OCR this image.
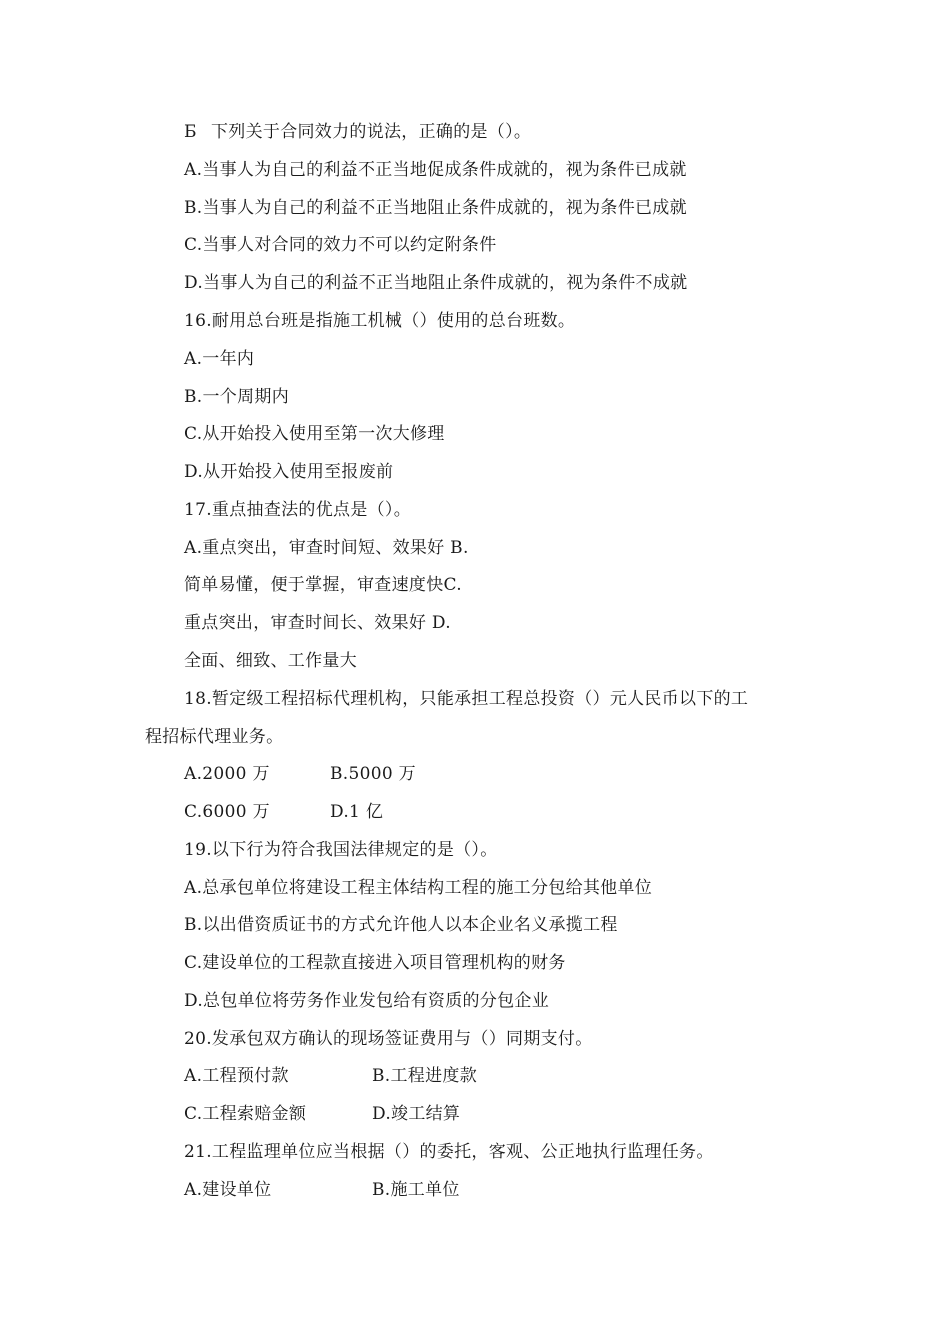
Ƃ 下列关于合同效力的说法，正确的是（）。
A.当事人为自己的利益不正当地促成条件成就的，视为条件已成就
B.当事人为自己的利益不正当地阻止条件成就的，视为条件已成就
C.当事人对合同的效力不可以约定附条件
D.当事人为自己的利益不正当地阻止条件成就的，视为条件不成就
16.耐用总台班是指施工机械（）使用的总台班数。
A.一年内
B.一个周期内
C.从开始投入使用至第一次大修理
D.从开始投入使用至报废前
17.重点抽查法的优点是（）。
A.重点突出，审查时间短、效果好 B.
简单易懂，便于掌握，审查速度快C.
重点突出，审查时间长、效果好 D.
全面、细致、工作量大
18.暂定级工程招标代理机构，只能承担工程总投资（）元人民币以下的工
程招标代理业务。
A.2000 万	B.5000 万
C.6000 万	D.1 亿
19.以下行为符合我国法律规定的是（）。
A.总承包单位将建设工程主体结构工程的施工分包给其他单位
B.以出借资质证书的方式允许他人以本企业名义承揽工程
C.建设单位的工程款直接进入项目管理机构的财务
D.总包单位将劳务作业发包给有资质的分包企业
20.发承包双方确认的现场签证费用与（）同期支付。
A.工程预付款	B.工程进度款
C.工程索赔金额	D.竣工结算
21.工程监理单位应当根据（）的委托，客观、公正地执行监理任务。
A.建设单位	B.施工单位
